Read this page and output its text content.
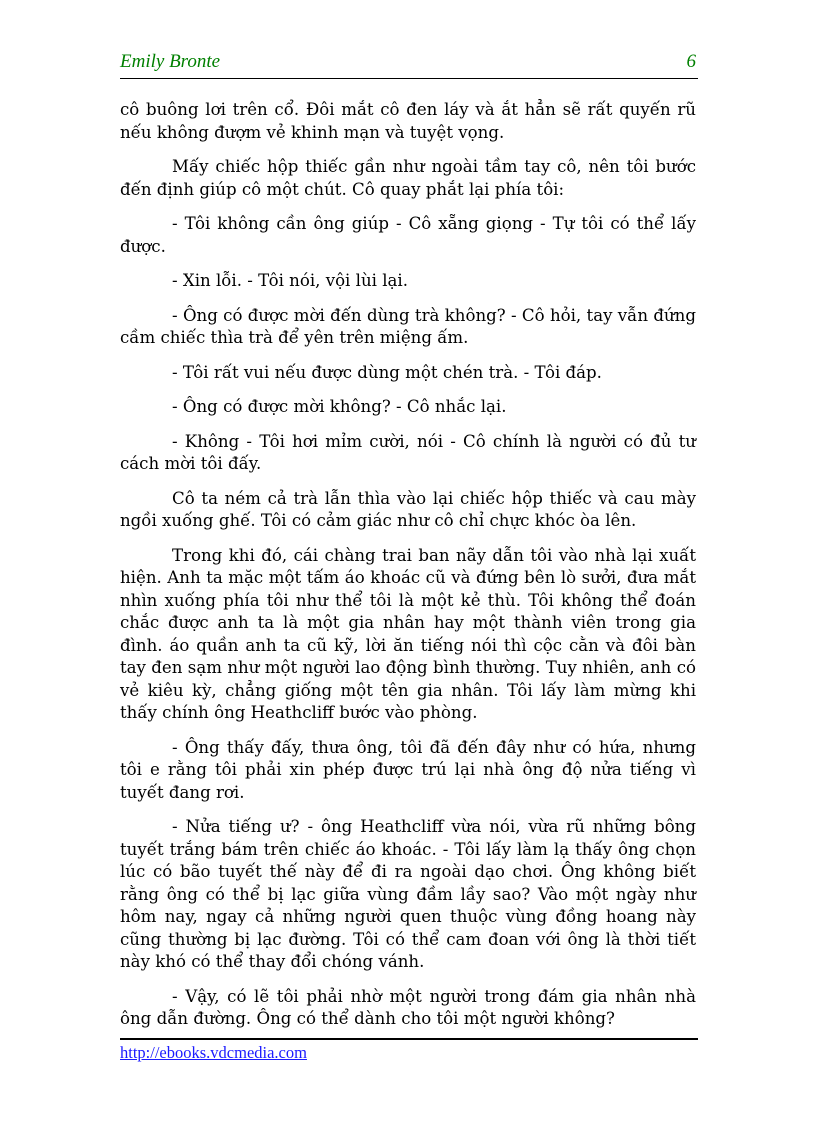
Emily Bronte	6

cô buông lơi trên cổ. Đôi mắt cô đen láy và ắt hẳn sẽ rất quyến rũ nếu không đượm vẻ khinh mạn và tuyệt vọng.

Mấy chiếc hộp thiếc gần như ngoài tầm tay cô, nên tôi bước đến định giúp cô một chút. Cô quay phắt lại phía tôi:

- Tôi không cần ông giúp - Cô xẵng giọng - Tự tôi có thể lấy được.

- Xin lỗi. - Tôi nói, vội lùi lại.

- Ông có được mời đến dùng trà không? - Cô hỏi, tay vẫn đứng cầm chiếc thìa trà để yên trên miệng ấm.

- Tôi rất vui nếu được dùng một chén trà. - Tôi đáp.

- Ông có được mời không? - Cô nhắc lại.

- Không - Tôi hơi mỉm cười, nói - Cô chính là người có đủ tư cách mời tôi đấy.

Cô ta ném cả trà lẫn thìa vào lại chiếc hộp thiếc và cau mày ngồi xuống ghế. Tôi có cảm giác như cô chỉ chực khóc òa lên.

Trong khi đó, cái chàng trai ban nãy dẫn tôi vào nhà lại xuất hiện. Anh ta mặc một tấm áo khoác cũ và đứng bên lò sưởi, đưa mắt nhìn xuống phía tôi như thể tôi là một kẻ thù. Tôi không thể đoán chắc được anh ta là một gia nhân hay một thành viên trong gia đình. áo quần anh ta cũ kỹ, lời ăn tiếng nói thì cộc cằn và đôi bàn tay đen sạm như một người lao động bình thường. Tuy nhiên, anh có vẻ kiêu kỳ, chẳng giống một tên gia nhân. Tôi lấy làm mừng khi thấy chính ông Heathcliff bước vào phòng.

- Ông thấy đấy, thưa ông, tôi đã đến đây như có hứa, nhưng tôi e rằng tôi phải xin phép được trú lại nhà ông độ nửa tiếng vì tuyết đang rơi.

- Nửa tiếng ư? - ông Heathcliff vừa nói, vừa rũ những bông tuyết trắng bám trên chiếc áo khoác. - Tôi lấy làm lạ thấy ông chọn lúc có bão tuyết thế này để đi ra ngoài dạo chơi. Ông không biết rằng ông có thể bị lạc giữa vùng đầm lầy sao? Vào một ngày như hôm nay, ngay cả những người quen thuộc vùng đồng hoang này cũng thường bị lạc đường. Tôi có thể cam đoan với ông là thời tiết này khó có thể thay đổi chóng vánh.

- Vậy, có lẽ tôi phải nhờ một người trong đám gia nhân nhà ông dẫn đường. Ông có thể dành cho tôi một người không?

http://ebooks.vdcmedia.com
